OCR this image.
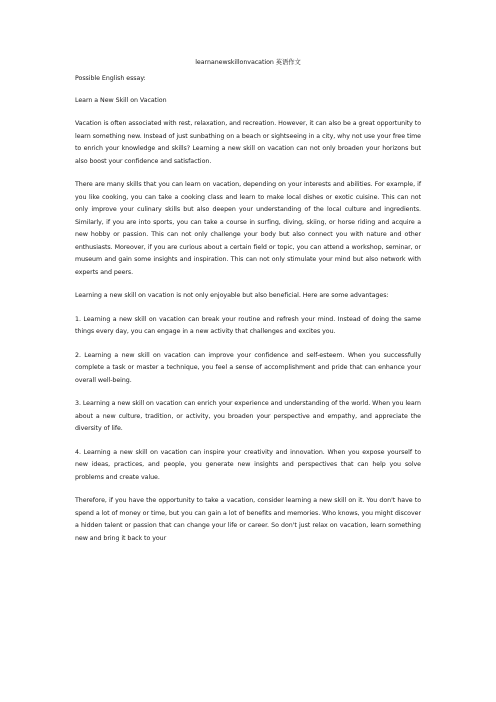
learnanewskillonvacation 英语作文
Possible English essay:
Learn a New Skill on Vacation

Vacation is often associated with rest, relaxation, and recreation. However, it can also be a great opportunity to learn something new. Instead of just sunbathing on a beach or sightseeing in a city, why not use your free time to enrich your knowledge and skills? Learning a new skill on vacation can not only broaden your horizons but also boost your confidence and satisfaction.

There are many skills that you can learn on vacation, depending on your interests and abilities. For example, if you like cooking, you can take a cooking class and learn to make local dishes or exotic cuisine. This can not only improve your culinary skills but also deepen your understanding of the local culture and ingredients. Similarly, if you are into sports, you can take a course in surfing, diving, skiing, or horse riding and acquire a new hobby or passion. This can not only challenge your body but also connect you with nature and other enthusiasts. Moreover, if you are curious about a certain field or topic, you can attend a workshop, seminar, or museum and gain some insights and inspiration. This can not only stimulate your mind but also network with experts and peers.

Learning a new skill on vacation is not only enjoyable but also beneficial. Here are some advantages:

1. Learning a new skill on vacation can break your routine and refresh your mind. Instead of doing the same things every day, you can engage in a new activity that challenges and excites you.

2. Learning a new skill on vacation can improve your confidence and self-esteem. When you successfully complete a task or master a technique, you feel a sense of accomplishment and pride that can enhance your overall well-being.

3. Learning a new skill on vacation can enrich your experience and understanding of the world. When you learn about a new culture, tradition, or activity, you broaden your perspective and empathy, and appreciate the diversity of life.

4. Learning a new skill on vacation can inspire your creativity and innovation. When you expose yourself to new ideas, practices, and people, you generate new insights and perspectives that can help you solve problems and create value.

Therefore, if you have the opportunity to take a vacation, consider learning a new skill on it. You don't have to spend a lot of money or time, but you can gain a lot of benefits and memories. Who knows, you might discover a hidden talent or passion that can change your life or career. So don't just relax on vacation, learn something new and bring it back to your
